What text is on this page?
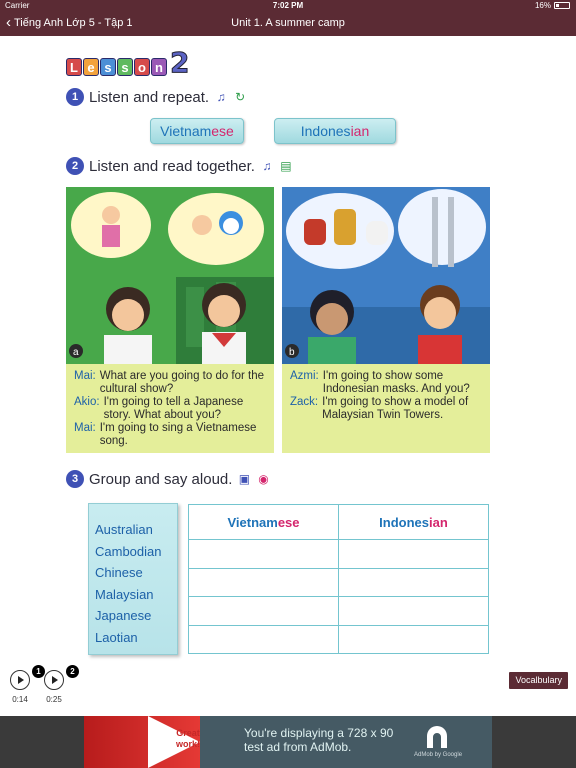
Carrier	7:02 PM	16%
‹ Tiếng Anh Lớp 5 - Tập 1	Unit 1. A summer camp
L e s s o n 2
1 Listen and repeat. ♫ ↻
Vietnam ese	Indones ian
2 Listen and read together. ♫ ▤
a
Mai: What are you going to do for the cultural show?
Akio: I'm going to tell a Japanese story. What about you?
Mai: I'm going to sing a Vietnamese song.
b
Azmi: I'm going to show some Indonesian masks. And you?
Zack: I'm going to show a model of Malaysian Twin Towers.
3 Group and say aloud. ▣ ◉
Australian
Cambodian
Chinese
Malaysian
Japanese
Laotian
Vietnamese	Indonesian

1
0:14
2
0:25
Vocalbulary
Great work!
You're displaying a 728 x 90
test ad from AdMob.
AdMob by Google
